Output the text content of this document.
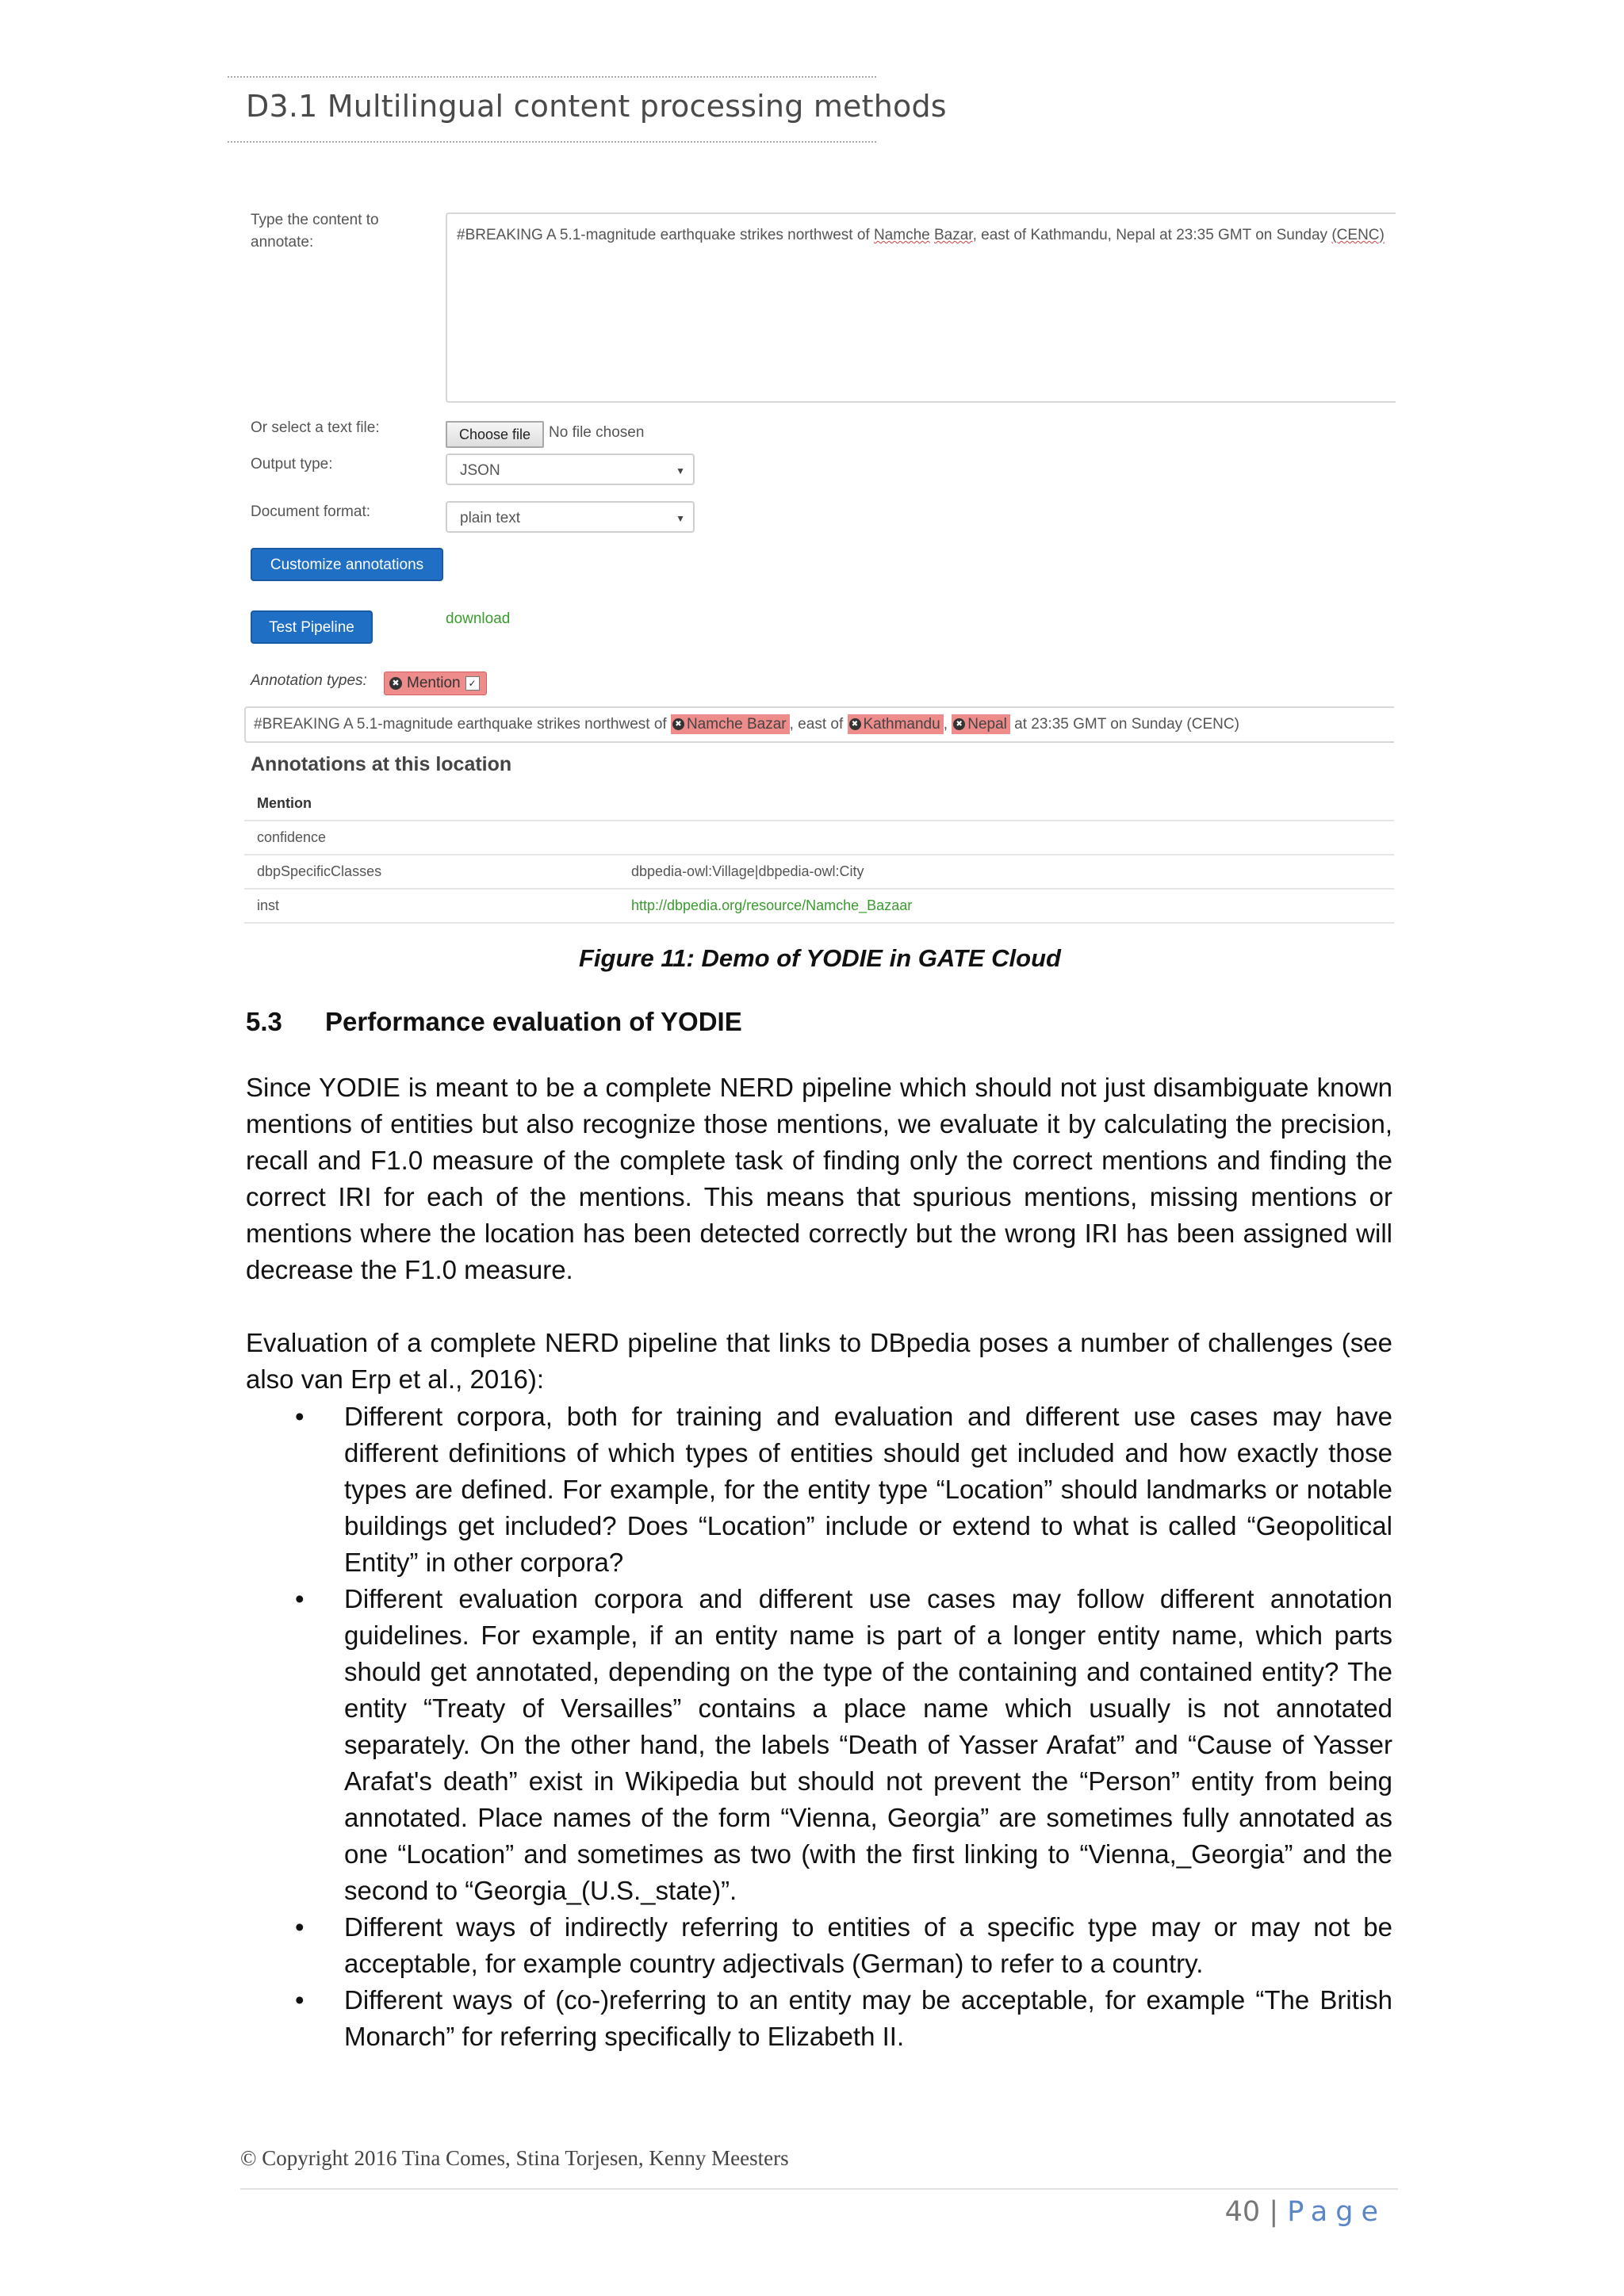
D3.1 Multilingual content processing methods
Type the content to annotate:	#BREAKING A 5.1-magnitude earthquake strikes northwest of Namche Bazar, east of Kathmandu, Nepal at 23:35 GMT on Sunday (CENC)
Or select a text file:	Choose file	No file chosen
Output type:	JSON	▼
Document format:	plain text	▼
Customize annotations
Test Pipeline
download
Annotation types:	✖ Mention ✓
#BREAKING A 5.1-magnitude earthquake strikes northwest of ✖ Namche Bazar , east of ✖ Kathmandu , ✖ Nepal at 23:35 GMT on Sunday (CENC)
Annotations at this location
Mention	
confidence	
dbpSpecificClasses	dbpedia-owl:Village|dbpedia-owl:City
inst	http://dbpedia.org/resource/Namche_Bazaar
Figure 11: Demo of YODIE in GATE Cloud
5.3 Performance evaluation of YODIE

Since YODIE is meant to be a complete NERD pipeline which should not just disambiguate known mentions of entities but also recognize those mentions, we evaluate it by calculating the precision, recall and F1.0 measure of the complete task of finding only the correct mentions and finding the correct IRI for each of the mentions. This means that spurious mentions, missing mentions or mentions where the location has been detected correctly but the wrong IRI has been assigned will decrease the F1.0 measure.

Evaluation of a complete NERD pipeline that links to DBpedia poses a number of challenges (see also van Erp et al., 2016):

• Different corpora, both for training and evaluation and different use cases may have different definitions of which types of entities should get included and how exactly those types are defined. For example, for the entity type “Location” should landmarks or notable buildings get included? Does “Location” include or extend to what is called “Geopolitical Entity” in other corpora?
• Different evaluation corpora and different use cases may follow different annotation guidelines. For example, if an entity name is part of a longer entity name, which parts should get annotated, depending on the type of the containing and contained entity? The entity “Treaty of Versailles” contains a place name which usually is not annotated separately. On the other hand, the labels “Death of Yasser Arafat” and “Cause of Yasser Arafat's death” exist in Wikipedia but should not prevent the “Person” entity from being annotated. Place names of the form “Vienna, Georgia” are sometimes fully annotated as one “Location” and sometimes as two (with the first linking to “Vienna,_Georgia” and the second to “Georgia_(U.S._state)”.
• Different ways of indirectly referring to entities of a specific type may or may not be acceptable, for example country adjectivals (German) to refer to a country.
• Different ways of (co-)referring to an entity may be acceptable, for example “The British Monarch” for referring specifically to Elizabeth II.
© Copyright 2016 Tina Comes, Stina Torjesen, Kenny Meesters
40 | Page
